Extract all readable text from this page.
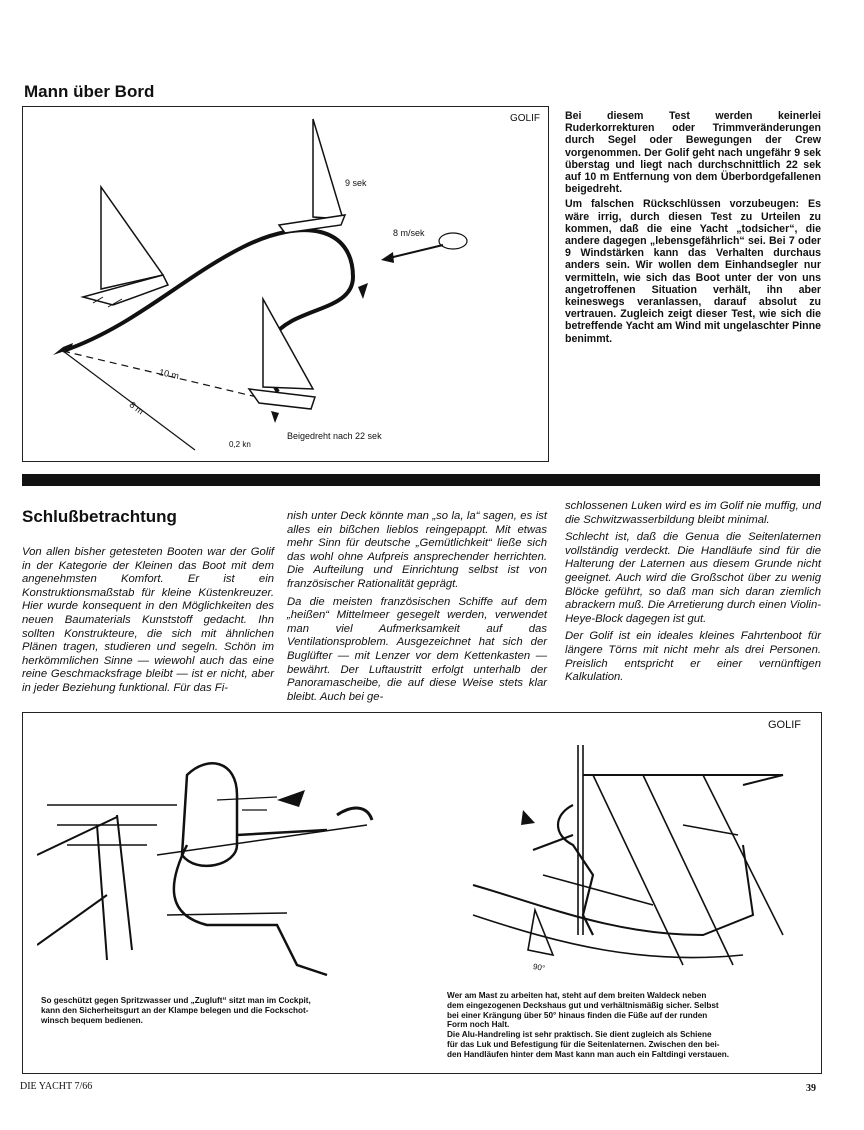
Mann über Bord
GOLIF
9 sek
8 m/sek
10 m
8 m
0,2 kn
Beigedreht nach 22 sek

Bei diesem Test werden keinerlei Ruderkorrekturen oder Trimmveränderungen durch Segel oder Bewegungen der Crew vorgenommen. Der Golif geht nach ungefähr 9 sek überstag und liegt nach durchschnittlich 22 sek auf 10 m Entfernung von dem Überbordgefallenen beigedreht.

Um falschen Rückschlüssen vorzubeugen: Es wäre irrig, durch diesen Test zu Urteilen zu kommen, daß die eine Yacht „todsicher“, die andere dagegen „lebensgefährlich“ sei. Bei 7 oder 9 Windstärken kann das Verhalten durchaus anders sein. Wir wollen dem Einhandsegler nur vermitteln, wie sich das Boot unter der von uns angetroffenen Situation verhält, ihn aber keineswegs veranlassen, darauf absolut zu vertrauen. Zugleich zeigt dieser Test, wie sich die betreffende Yacht am Wind mit ungelaschter Pinne benimmt.

Schlußbetrachtung

Von allen bisher getesteten Booten war der Golif in der Kategorie der Kleinen das Boot mit dem angenehmsten Komfort. Er ist ein Konstruktionsmaßstab für kleine Küstenkreuzer. Hier wurde konsequent in den Möglichkeiten des neuen Baumaterials Kunststoff gedacht. Ihn sollten Konstrukteure, die sich mit ähnlichen Plänen tragen, studieren und segeln. Schön im herkömmlichen Sinne — wiewohl auch das eine reine Geschmacksfrage bleibt — ist er nicht, aber in jeder Beziehung funktional. Für das Fi-

nish unter Deck könnte man „so la, la“ sagen, es ist alles ein bißchen lieblos reingepappt. Mit etwas mehr Sinn für deutsche „Gemütlichkeit“ ließe sich das wohl ohne Aufpreis ansprechender herrichten. Die Aufteilung und Einrichtung selbst ist von französischer Rationalität geprägt.

Da die meisten französischen Schiffe auf dem „heißen“ Mittelmeer gesegelt werden, verwendet man viel Aufmerksamkeit auf das Ventilationsproblem. Ausgezeichnet hat sich der Buglüfter — mit Lenzer vor dem Kettenkasten — bewährt. Der Luftaustritt erfolgt unterhalb der Panoramascheibe, die auf diese Weise stets klar bleibt. Auch bei ge-

schlossenen Luken wird es im Golif nie muffig, und die Schwitzwasserbildung bleibt minimal.

Schlecht ist, daß die Genua die Seitenlaternen vollständig verdeckt. Die Handläufe sind für die Halterung der Laternen aus diesem Grunde nicht geeignet. Auch wird die Großschot über zu wenig Blöcke geführt, so daß man sich daran ziemlich abrackern muß. Die Arretierung durch einen Violin-Heye-Block dagegen ist gut.

Der Golif ist ein ideales kleines Fahrtenboot für längere Törns mit nicht mehr als drei Personen. Preislich entspricht er einer vernünftigen Kalkulation.

GOLIF
90°

So geschützt gegen Spritzwasser und „Zugluft“ sitzt man im Cockpit,

kann den Sicherheitsgurt an der Klampe belegen und die Fockschot-

winsch bequem bedienen.

Wer am Mast zu arbeiten hat, steht auf dem breiten Waldeck neben

dem eingezogenen Deckshaus gut und verhältnismäßig sicher. Selbst

bei einer Krängung über 50° hinaus finden die Füße auf der runden

Form noch Halt.

Die Alu-Handreling ist sehr praktisch. Sie dient zugleich als Schiene

für das Luk und Befestigung für die Seitenlaternen. Zwischen den bei-

den Handläufen hinter dem Mast kann man auch ein Faltdingi verstauen.

DIE YACHT 7/66	39
